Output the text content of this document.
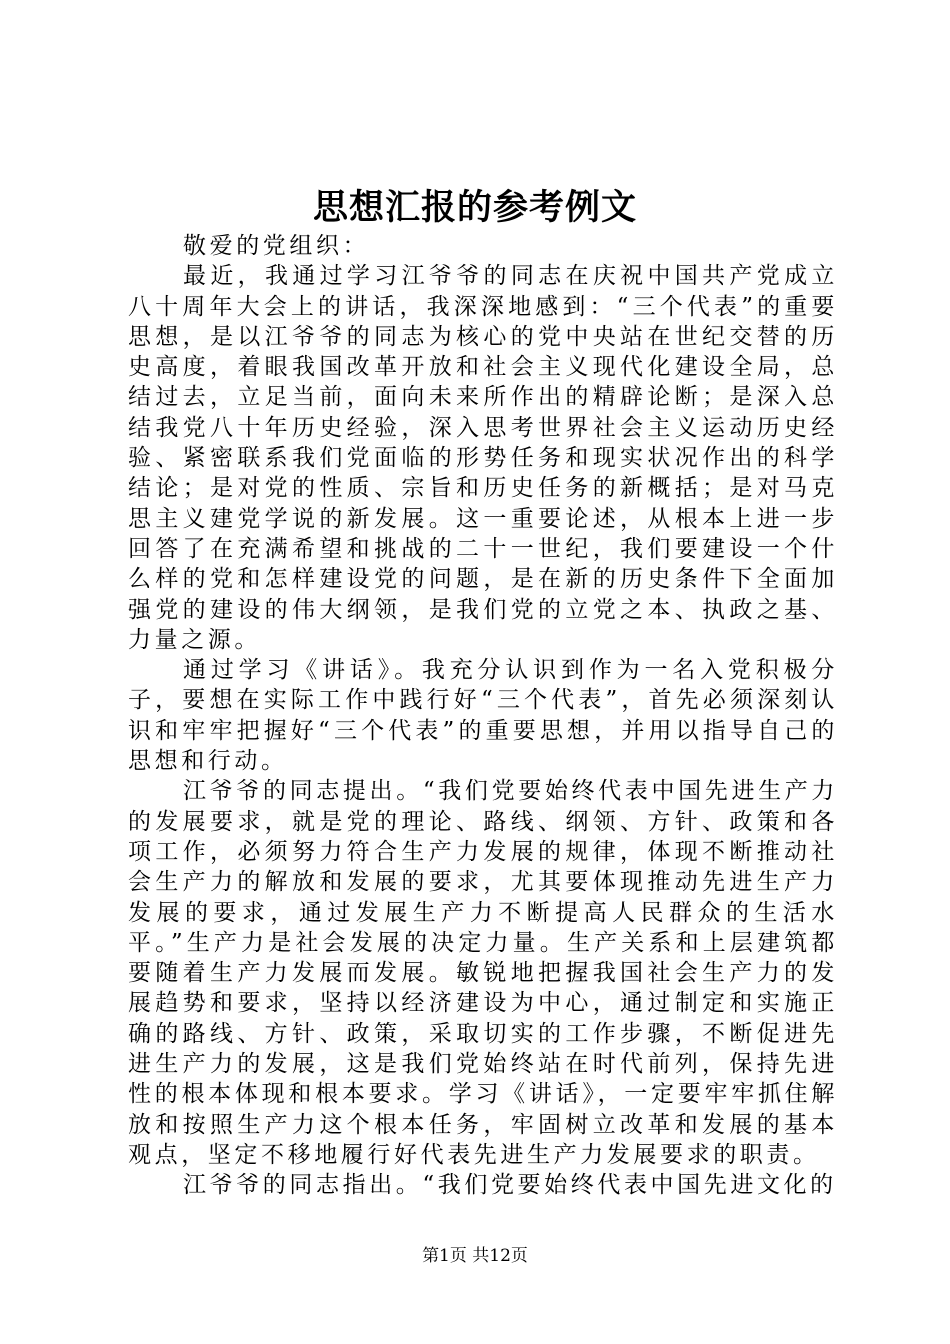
思想汇报的参考例文

敬爱的党组织：

最近，我通过学习江爷爷的同志在庆祝中国共产党成立八十周年大会上的讲话，我深深地感到：“三个代表”的重要思想，是以江爷爷的同志为核心的党中央站在世纪交替的历史高度，着眼我国改革开放和社会主义现代化建设全局，总结过去，立足当前，面向未来所作出的精辟论断；是深入总结我党八十年历史经验，深入思考世界社会主义运动历史经验、紧密联系我们党面临的形势任务和现实状况作出的科学结论；是对党的性质、宗旨和历史任务的新概括；是对马克思主义建党学说的新发展。这一重要论述，从根本上进一步回答了在充满希望和挑战的二十一世纪，我们要建设一个什么样的党和怎样建设党的问题，是在新的历史条件下全面加强党的建设的伟大纲领，是我们党的立党之本、执政之基、力量之源。

通过学习《讲话》。我充分认识到作为一名入党积极分子，要想在实际工作中践行好“三个代表”，首先必须深刻认识和牢牢把握好“三个代表”的重要思想，并用以指导自己的思想和行动。

江爷爷的同志提出。“我们党要始终代表中国先进生产力的发展要求，就是党的理论、路线、纲领、方针、政策和各项工作，必须努力符合生产力发展的规律，体现不断推动社会生产力的解放和发展的要求，尤其要体现推动先进生产力发展的要求，通过发展生产力不断提高人民群众的生活水平。”生产力是社会发展的决定力量。生产关系和上层建筑都要随着生产力发展而发展。敏锐地把握我国社会生产力的发展趋势和要求，坚持以经济建设为中心，通过制定和实施正确的路线、方针、政策，采取切实的工作步骤，不断促进先进生产力的发展，这是我们党始终站在时代前列，保持先进性的根本体现和根本要求。学习《讲话》，一定要牢牢抓住解放和按照生产力这个根本任务，牢固树立改革和发展的基本观点，坚定不移地履行好代表先进生产力发展要求的职责。

江爷爷的同志指出。“我们党要始终代表中国先进文化的

第1页 共12页
